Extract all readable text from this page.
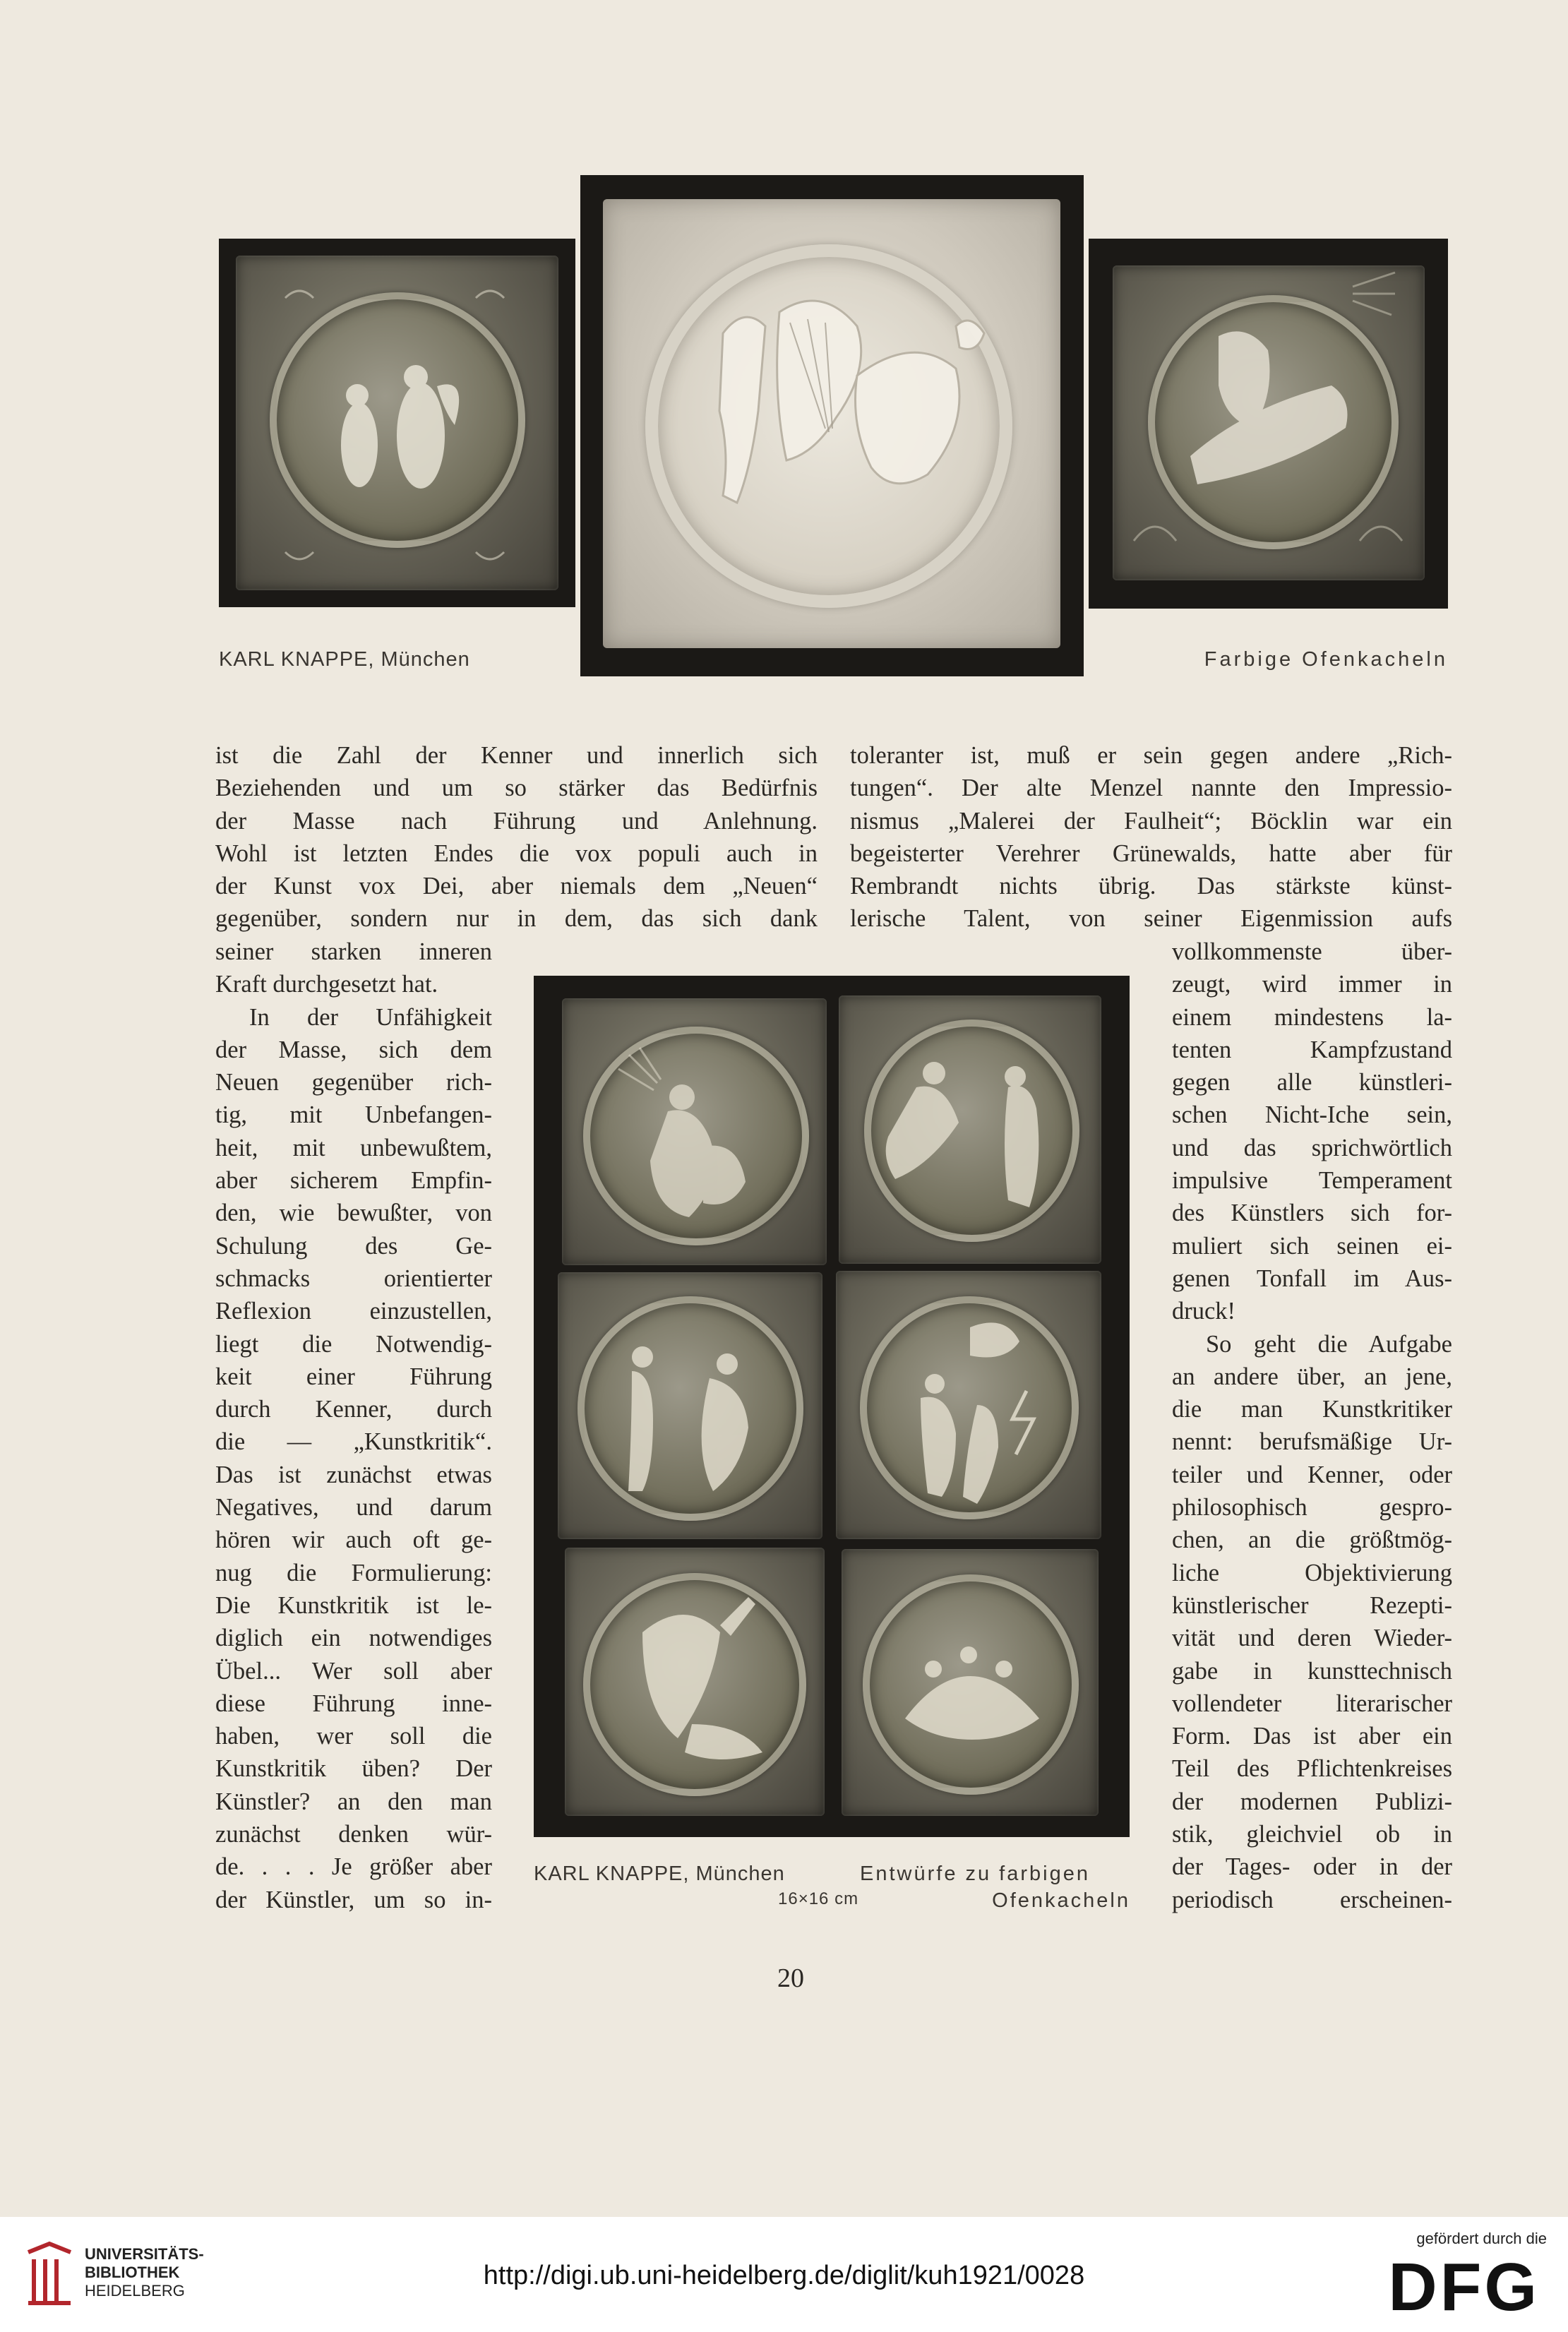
KARL KNAPPE, München	Farbige Ofenkacheln
ist die Zahl der Kenner und innerlich sich
Beziehenden und um so stärker das Bedürfnis
der Masse nach Führung und Anlehnung.
Wohl ist letzten Endes die vox populi auch in
der Kunst vox Dei, aber niemals dem „Neuen“
gegenüber, sondern nur in dem, das sich dank
toleranter ist, muß er sein gegen andere „Rich-
tungen“. Der alte Menzel nannte den Impressio-
nismus „Malerei der Faulheit“; Böcklin war ein
begeisterter Verehrer Grünewalds, hatte aber für
Rembrandt nichts übrig. Das stärkste künst-
lerische Talent, von seiner Eigenmission aufs
seiner starken inneren
Kraft durchgesetzt hat.
In der Unfähigkeit
der Masse, sich dem
Neuen gegenüber rich-
tig, mit Unbefangen-
heit, mit unbewußtem,
aber sicherem Empfin-
den, wie bewußter, von
Schulung des Ge-
schmacks orientierter
Reflexion einzustellen,
liegt die Notwendig-
keit einer Führung
durch Kenner, durch
die — „Kunstkritik“.
Das ist zunächst etwas
Negatives, und darum
hören wir auch oft ge-
nug die Formulierung:
Die Kunstkritik ist le-
diglich ein notwendiges
Übel... Wer soll aber
diese Führung inne-
haben, wer soll die
Kunstkritik üben? Der
Künstler? an den man
zunächst denken wür-
de. . . . Je größer aber
der Künstler, um so in-
vollkommenste über-
zeugt, wird immer in
einem mindestens la-
tenten Kampfzustand
gegen alle künstleri-
schen Nicht-Iche sein,
und das sprichwörtlich
impulsive Temperament
des Künstlers sich for-
muliert sich seinen ei-
genen Tonfall im Aus-
druck!
So geht die Aufgabe
an andere über, an jene,
die man Kunstkritiker
nennt: berufsmäßige Ur-
teiler und Kenner, oder
philosophisch gespro-
chen, an die größtmög-
liche Objektivierung
künstlerischer Rezepti-
vität und deren Wieder-
gabe in kunsttechnisch
vollendeter literarischer
Form. Das ist aber ein
Teil des Pflichtenkreises
der modernen Publizi-
stik, gleichviel ob in
der Tages- oder in der
periodisch erscheinen-
KARL KNAPPE, München	Entwürfe zu farbigen
16×16 cm	Ofenkacheln
20
UNIVERSITÄTS-
BIBLIOTHEK
HEIDELBERG
http://digi.ub.uni-heidelberg.de/diglit/kuh1921/0028
gefördert durch die
DFG
